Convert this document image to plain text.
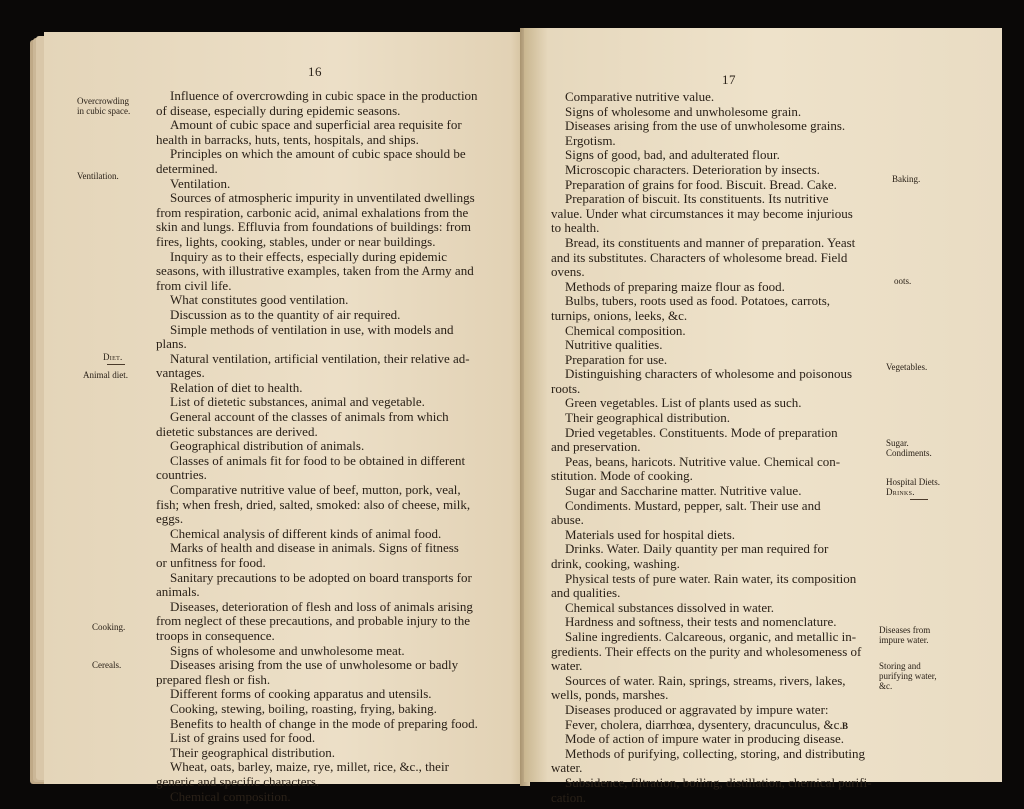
16
Influence of overcrowding in cubic space in the production
of disease, especially during epidemic seasons.
Amount of cubic space and superficial area requisite for
health in barracks, huts, tents, hospitals, and ships.
Principles on which the amount of cubic space should be
determined.
Ventilation.
Sources of atmospheric impurity in unventilated dwellings
from respiration, carbonic acid, animal exhalations from the
skin and lungs. Effluvia from foundations of buildings: from
fires, lights, cooking, stables, under or near buildings.
Inquiry as to their effects, especially during epidemic
seasons, with illustrative examples, taken from the Army and
from civil life.
What constitutes good ventilation.
Discussion as to the quantity of air required.
Simple methods of ventilation in use, with models and
plans.
Natural ventilation, artificial ventilation, their relative ad-
vantages.
Relation of diet to health.
List of dietetic substances, animal and vegetable.
General account of the classes of animals from which
dietetic substances are derived.
Geographical distribution of animals.
Classes of animals fit for food to be obtained in different
countries.
Comparative nutritive value of beef, mutton, pork, veal,
fish; when fresh, dried, salted, smoked: also of cheese, milk,
eggs.
Chemical analysis of different kinds of animal food.
Marks of health and disease in animals. Signs of fitness
or unfitness for food.
Sanitary precautions to be adopted on board transports for
animals.
Diseases, deterioration of flesh and loss of animals arising
from neglect of these precautions, and probable injury to the
troops in consequence.
Signs of wholesome and unwholesome meat.
Diseases arising from the use of unwholesome or badly
prepared flesh or fish.
Different forms of cooking apparatus and utensils.
Cooking, stewing, boiling, roasting, frying, baking.
Benefits to health of change in the mode of preparing food.
List of grains used for food.
Their geographical distribution.
Wheat, oats, barley, maize, rye, millet, rice, &c., their
generic and specific characters.
Chemical composition.
Overcrowding
in cubic space.
Ventilation.
Diet.
Animal diet.
Cooking.
Cereals.
17
Comparative nutritive value.
Signs of wholesome and unwholesome grain.
Diseases arising from the use of unwholesome grains.
Ergotism.
Signs of good, bad, and adulterated flour.
Microscopic characters. Deterioration by insects.
Preparation of grains for food. Biscuit. Bread. Cake.
Preparation of biscuit. Its constituents. Its nutritive
value. Under what circumstances it may become injurious
to health.
Bread, its constituents and manner of preparation. Yeast
and its substitutes. Characters of wholesome bread. Field
ovens.
Methods of preparing maize flour as food.
Bulbs, tubers, roots used as food. Potatoes, carrots,
turnips, onions, leeks, &c.
Chemical composition.
Nutritive qualities.
Preparation for use.
Distinguishing characters of wholesome and poisonous
roots.
Green vegetables. List of plants used as such.
Their geographical distribution.
Dried vegetables. Constituents. Mode of preparation
and preservation.
Peas, beans, haricots. Nutritive value. Chemical con-
stitution. Mode of cooking.
Sugar and Saccharine matter. Nutritive value.
Condiments. Mustard, pepper, salt. Their use and
abuse.
Materials used for hospital diets.
Drinks. Water. Daily quantity per man required for
drink, cooking, washing.
Physical tests of pure water. Rain water, its composition
and qualities.
Chemical substances dissolved in water.
Hardness and softness, their tests and nomenclature.
Saline ingredients. Calcareous, organic, and metallic in-
gredients. Their effects on the purity and wholesomeness of
water.
Sources of water. Rain, springs, streams, rivers, lakes,
wells, ponds, marshes.
Diseases produced or aggravated by impure water:
Fever, cholera, diarrhœa, dysentery, dracunculus, &c.
Mode of action of impure water in producing disease.
Methods of purifying, collecting, storing, and distributing
water.
Subsidence, filtration, boiling, distillation, chemical purifi-
cation.
Baking.
oots.
Vegetables.
Sugar.
Condiments.
Hospital Diets.
Drinks.
Diseases from
impure water.
Storing and
purifying water,
&c.
B
